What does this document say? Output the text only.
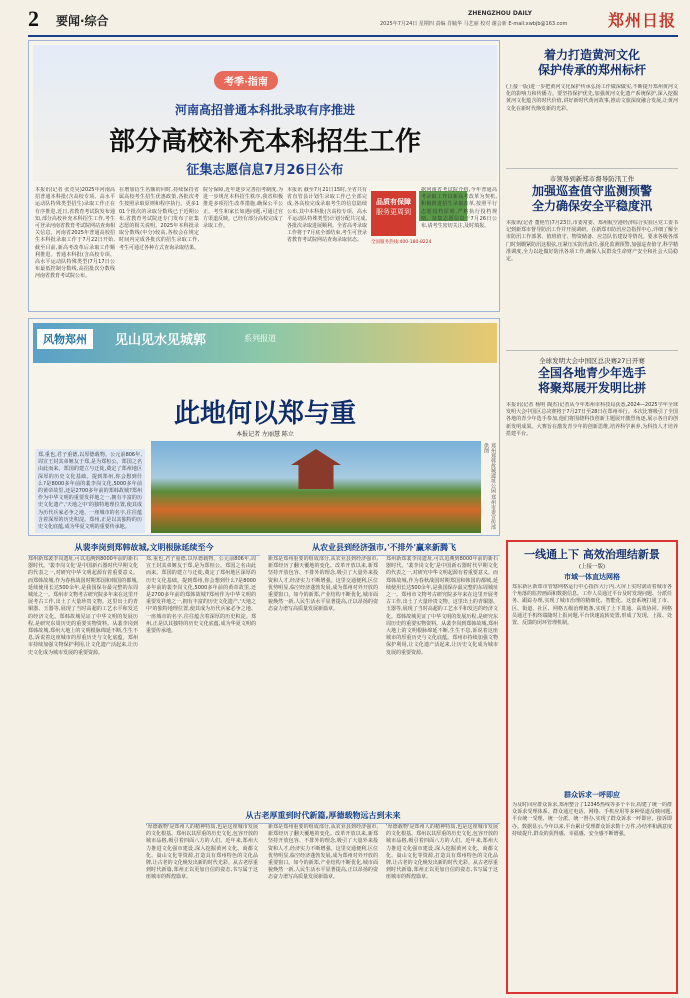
2 要闻·综合
ZHENGZHOU DAILY
2025年7月24日 星期四 责编 肖毓华 马艺丽 校对 谢会新 E-mail:xwbjb@163.com	郑州日报
考季·指南
河南高招普通本科批录取有序推进
部分高校补充本科招生工作
征集志愿信息7月26日公布
本报讯(记者 张竞昊)2025年河南高招普通本科批(含高校专项、高水平运动队特殊类型招生)录取工作正在有序推进,近日,省教育考试院发布通知,部分高校补充本科招生工作,考生可登录河南省教育考试院网站查询相关信息。河南省2025年普通高校招生本科批录取工作于7月22日开始,截至目前,新高考改革后录取工作顺利推进。普通本科批(含高校专项、高水平运动队特殊类型)7月17日公布最低控制分数线,高招批次分数线河南省教育考试院公布。
在增加招生名额的同时,持续保持省属高校考生招生优惠政策,各批次考生按照录取原则和程序执行。更多101个批次的录取分数线已于近期公布,省教育考试院还专门发布了征集志愿的相关说明。2025年本科批录取分数线(中分)较高,各校会在规定时间内完成各批次的招生录取工作,考生可通过各种方式查询录取结果。
院分保障,近年逐步完善招考制度,为进一步规范本科招生秩序,我省积极推进多项招生改革措施,确保公平公正。考生和家长如遇问题,可通过官方渠道反映。已经有部分高校完成了录取工作。
本报讯 截至7月21日15时,全省共有省直管县计划生录取工作已全部完成,各高校完成录取考生的信息陆续公布,其中本科批(含高校专项、高水平运动队特殊类型)计划分配共完成,各批次录取进展顺利。全省高考录取工作将于7月底全部结束,考生可登录省教育考试院网站查询录取状态。
品质有保障
服务更周到
全国服务热线:400-180-8224
据河南省考试院介绍,今年普通高考录取工作以新高考改革为契机,积极推进招生录取改革,按照平行志愿投档原则,严格执行投档规则。征集志愿信息于7月26日公布,请考生密切关注,及时填报。
风物郑州	见山见水见城郭	系列报道
此地何以郑与重
本报记者 左丽慧 陈立
郑,重也,君子重德,以厚德载物。公元前806年,周宣王封其弟姬友于郑,是为郑桓公。郑国之名由此而来。郑国的建立与迁徙,奠定了郑州地区深厚的历史文化基础。提到郑州,你会想到什么?是8000多年前的裴李岗文化,5000多年前的黄帝故里,还是2700多年前的郑韩故城?郑州作为中华文明的重要发祥地之一,拥有丰富的历史文化遗产,'天地之中'的独特地理位置,使其成为历代兵家必争之地。一座城市的名字,往往蕴含着深厚的历史积淀。郑州,正是以其独特的历史文化底蕴,成为华夏文明的重要传承地。	郑州郑韩故城遗址公园 郑州市委宣传部供图
从裴李岗到郑韩故城,文明根脉延续至今
郑州新郑裴李岗遗址,可以追溯到8000年前的新石器时代。'裴李岗文化'是中国新石器时代早期文化的代表之一,对研究中华文明起源有着重要意义。而郑韩故城,作为春秋战国时期郑国和韩国的都城,延续使用长达500余年,是我国保存最完整的东周城址之一。郑州市文物考古研究院多年来在这里开展考古工作,出土了大量珍贵文物。这里出土的青铜器、玉器等,展现了当时高超的工艺水平和发达的经济文化。郑韩故城见证了中华文明的发展历程,是研究东周历史的重要实物资料。从裴李岗到郑韩故城,郑州大地上的文明根脉绵延不断,生生不息,诉说着这座城市的厚重历史与文化底蕴。郑州市持续加强文物保护利用,让文化遗产活起来,让历史文化成为城市发展的重要资源。
郑,重也,君子重德,以厚德载物。公元前806年,周宣王封其弟姬友于郑,是为郑桓公。郑国之名由此而来。郑国的建立与迁徙,奠定了郑州地区深厚的历史文化基础。提到郑州,你会想到什么?是8000多年前的裴李岗文化,5000多年前的黄帝故里,还是2700多年前的郑韩故城?郑州作为中华文明的重要发祥地之一,拥有丰富的历史文化遗产,'天地之中'的独特地理位置,使其成为历代兵家必争之地。一座城市的名字,往往蕴含着深厚的历史积淀。郑州,正是以其独特的历史文化底蕴,成为华夏文明的重要传承地。
从农业县到经济强市,'不排外'赢来新腾飞
新郑是郑州重要的组成部分,从农业县到经济强市,新郑经历了翻天覆地的变化。改革开放以来,新郑坚持开放包容、不排外的理念,吸引了大量外来投资和人才,经济实力不断增强。这里交通便利,区位优势明显,临空经济蓬勃发展,成为郑州对外开放的重要窗口。如今的新郑,产业结构不断优化,城市面貌焕然一新,人民生活水平显著提高,正以昂扬的姿态奋力谱写高质量发展新篇章。
郑州新郑裴李岗遗址,可以追溯到8000年前的新石器时代。'裴李岗文化'是中国新石器时代早期文化的代表之一,对研究中华文明起源有着重要意义。而郑韩故城,作为春秋战国时期郑国和韩国的都城,延续使用长达500余年,是我国保存最完整的东周城址之一。郑州市文物考古研究院多年来在这里开展考古工作,出土了大量珍贵文物。这里出土的青铜器、玉器等,展现了当时高超的工艺水平和发达的经济文化。郑韩故城见证了中华文明的发展历程,是研究东周历史的重要实物资料。从裴李岗到郑韩故城,郑州大地上的文明根脉绵延不断,生生不息,诉说着这座城市的厚重历史与文化底蕴。郑州市持续加强文物保护利用,让文化遗产活起来,让历史文化成为城市发展的重要资源。
从古老厚重到时代新篇,厚德载物远古到未来
'厚德载物'是郑州人的精神特质,也是这座城市发展的文化根基。郑州以其厚重的历史文化,包容开放的城市品格,吸引着四面八方的人们。近年来,郑州大力推进文化强市建设,深入挖掘黄河文化、商都文化、嵩山文化等资源,打造具有郑州特色的文化品牌,让古老的文化焕发出新的时代光彩。从古老厚重到时代新篇,郑州正以更加自信的姿态,书写属于这座城市的辉煌篇章。
新郑是郑州重要的组成部分,从农业县到经济强市,新郑经历了翻天覆地的变化。改革开放以来,新郑坚持开放包容、不排外的理念,吸引了大量外来投资和人才,经济实力不断增强。这里交通便利,区位优势明显,临空经济蓬勃发展,成为郑州对外开放的重要窗口。如今的新郑,产业结构不断优化,城市面貌焕然一新,人民生活水平显著提高,正以昂扬的姿态奋力谱写高质量发展新篇章。
'厚德载物'是郑州人的精神特质,也是这座城市发展的文化根基。郑州以其厚重的历史文化,包容开放的城市品格,吸引着四面八方的人们。近年来,郑州大力推进文化强市建设,深入挖掘黄河文化、商都文化、嵩山文化等资源,打造具有郑州特色的文化品牌,让古老的文化焕发出新的时代光彩。从古老厚重到时代新篇,郑州正以更加自信的姿态,书写属于这座城市的辉煌篇章。
着力打造黄河文化
保护传承的郑州标杆
(上接一版)进一步把黄河文化保护传承弘扬工作做深做实,不断提升郑州黄河文化的影响力和传播力。要坚持保护优先,加强黄河文化遗产系统保护,深入挖掘黄河文化蕴含的时代价值,讲好新时代黄河故事,推动文旅深度融合发展,让黄河文化在新时代焕发新的光彩。
市领导到新郑市督导防汛工作
加强巡查值守监测预警
全力确保安全平稳度汛
本报讯(记者 董艳竹)7月23日,市委常委、郑州航空港经济综合实验区党工委书记到新郑市督导防汛工作并开展调研。在新郑市防汛应急指挥中心,详细了解全市防汛工作部署、值班值守、物资储备、应急队伍建设等情况。要求各级各部门时刻绷紧防汛这根弦,压紧压实防汛责任,强化监测预警,加强巡查值守,科学精准调度,全力以赴做好防汛各项工作,确保人民群众生命财产安全和社会大局稳定。
全球发明大会中国区总决赛27日开赛
全国各地青少年选手
将聚郑展开发明比拼
本报讯(记者 杨明 陶杰)记者从今年郑州市科技局获悉,2024—2025学年全球发明大会中国区总决赛将于7月27日至28日在郑州举行。本次比赛吸引了全国各地的青少年选手参加,他们将围绕科技创新主题展开激烈角逐,展示各自的创新发明成果。大赛旨在激发青少年的创新思维,培养科学素养,为科技人才培养搭建平台。
一线通上下 高效治理结新景
(上接一版)
市域一体直达网格
郑东新区新郑市管辖网格运行中心指挥大厅内,大屏上实时滚动着城市各个角落的监控画面和数据信息。工作人员通过平台及时发现问题、分派任务、跟踪办理,实现了城市治理的精细化、智能化。这套系统打通了市、区、街道、社区、网格五级治理链条,实现了上下贯通、高效协同。网格员通过手机终端随时上报问题,平台快速流转处置,形成了发现、上报、处置、反馈的闭环管理机制。
群众诉求一呼即应
为及时回应群众诉求,郑州整合了12345热线等多个平台,构建了统一的群众诉求受理体系。群众通过电话、网络、手机应用等多种渠道反映问题,平台统一受理、统一分派、统一督办,实现了群众诉求一呼即应、接诉即办。数据显示,今年以来,平台累计受理群众诉求数十万件,办结率和满意度持续提升,群众的获得感、幸福感、安全感不断增强。
